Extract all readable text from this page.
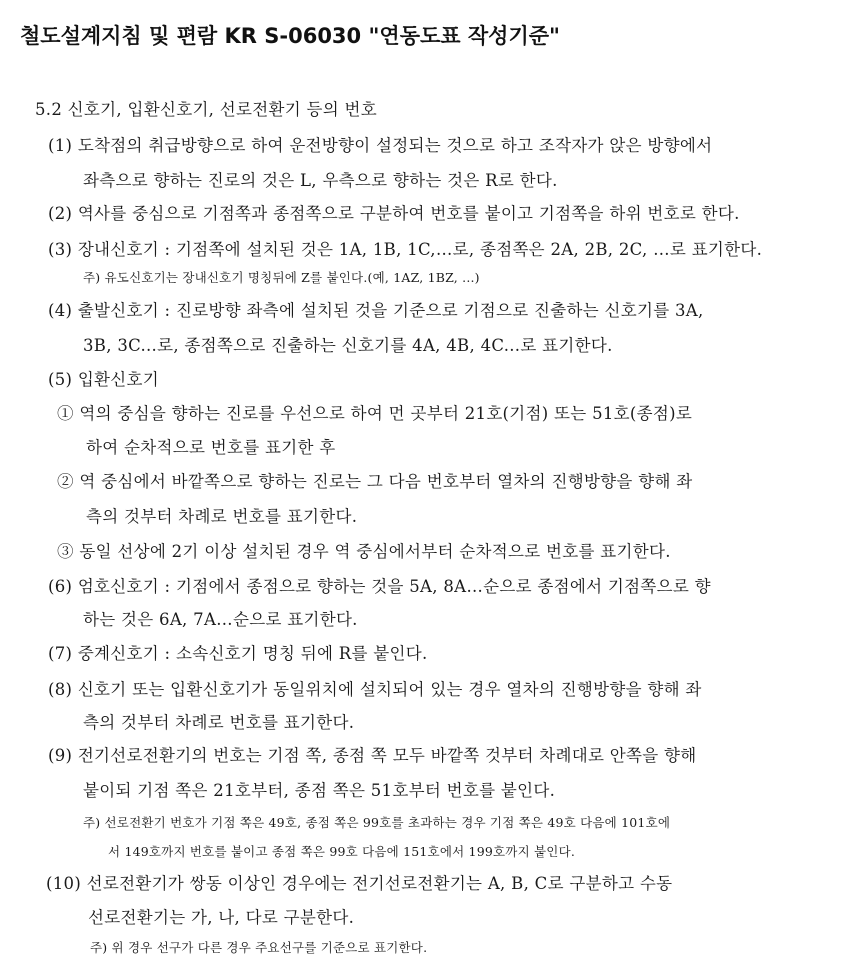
철도설계지침 및 편람 KR S-06030 "연동도표 작성기준"
5.2 신호기, 입환신호기, 선로전환기 등의 번호
(1) 도착점의 취급방향으로 하여 운전방향이 설정되는 것으로 하고 조작자가 앉은 방향에서
좌측으로 향하는 진로의 것은 L, 우측으로 향하는 것은 R로 한다.
(2) 역사를 중심으로 기점쪽과 종점쪽으로 구분하여 번호를 붙이고 기점쪽을 하위 번호로 한다.
(3) 장내신호기 : 기점쪽에 설치된 것은 1A, 1B, 1C,…로, 종점쪽은 2A, 2B, 2C, …로 표기한다.
주) 유도신호기는 장내신호기 명칭뒤에 Z를 붙인다.(예, 1AZ, 1BZ, ...)
(4) 출발신호기 : 진로방향 좌측에 설치된 것을 기준으로 기점으로 진출하는 신호기를 3A,
3B, 3C...로, 종점쪽으로 진출하는 신호기를 4A, 4B, 4C...로 표기한다.
(5) 입환신호기
① 역의 중심을 향하는 진로를 우선으로 하여 먼 곳부터 21호(기점) 또는 51호(종점)로
하여 순차적으로 번호를 표기한 후
② 역 중심에서 바깥쪽으로 향하는 진로는 그 다음 번호부터 열차의 진행방향을 향해 좌
측의 것부터 차례로 번호를 표기한다.
③ 동일 선상에 2기 이상 설치된 경우 역 중심에서부터 순차적으로 번호를 표기한다.
(6) 엄호신호기 : 기점에서 종점으로 향하는 것을 5A, 8A…순으로 종점에서 기점쪽으로 향
하는 것은 6A, 7A…순으로 표기한다.
(7) 중계신호기 : 소속신호기 명칭 뒤에 R를 붙인다.
(8) 신호기 또는 입환신호기가 동일위치에 설치되어 있는 경우 열차의 진행방향을 향해 좌
측의 것부터 차례로 번호를 표기한다.
(9) 전기선로전환기의 번호는 기점 쪽, 종점 쪽 모두 바깥쪽 것부터 차례대로 안쪽을 향해
붙이되 기점 쪽은 21호부터, 종점 쪽은 51호부터 번호를 붙인다.
주) 선로전환기 번호가 기점 쪽은 49호, 종점 쪽은 99호를 초과하는 경우 기점 쪽은 49호 다음에 101호에
서 149호까지 번호를 붙이고 종점 쪽은 99호 다음에 151호에서 199호까지 붙인다.
(10) 선로전환기가 쌍동 이상인 경우에는 전기선로전환기는 A, B, C로 구분하고 수동
선로전환기는 가, 나, 다로 구분한다.
주) 위 경우 선구가 다른 경우 주요선구를 기준으로 표기한다.
